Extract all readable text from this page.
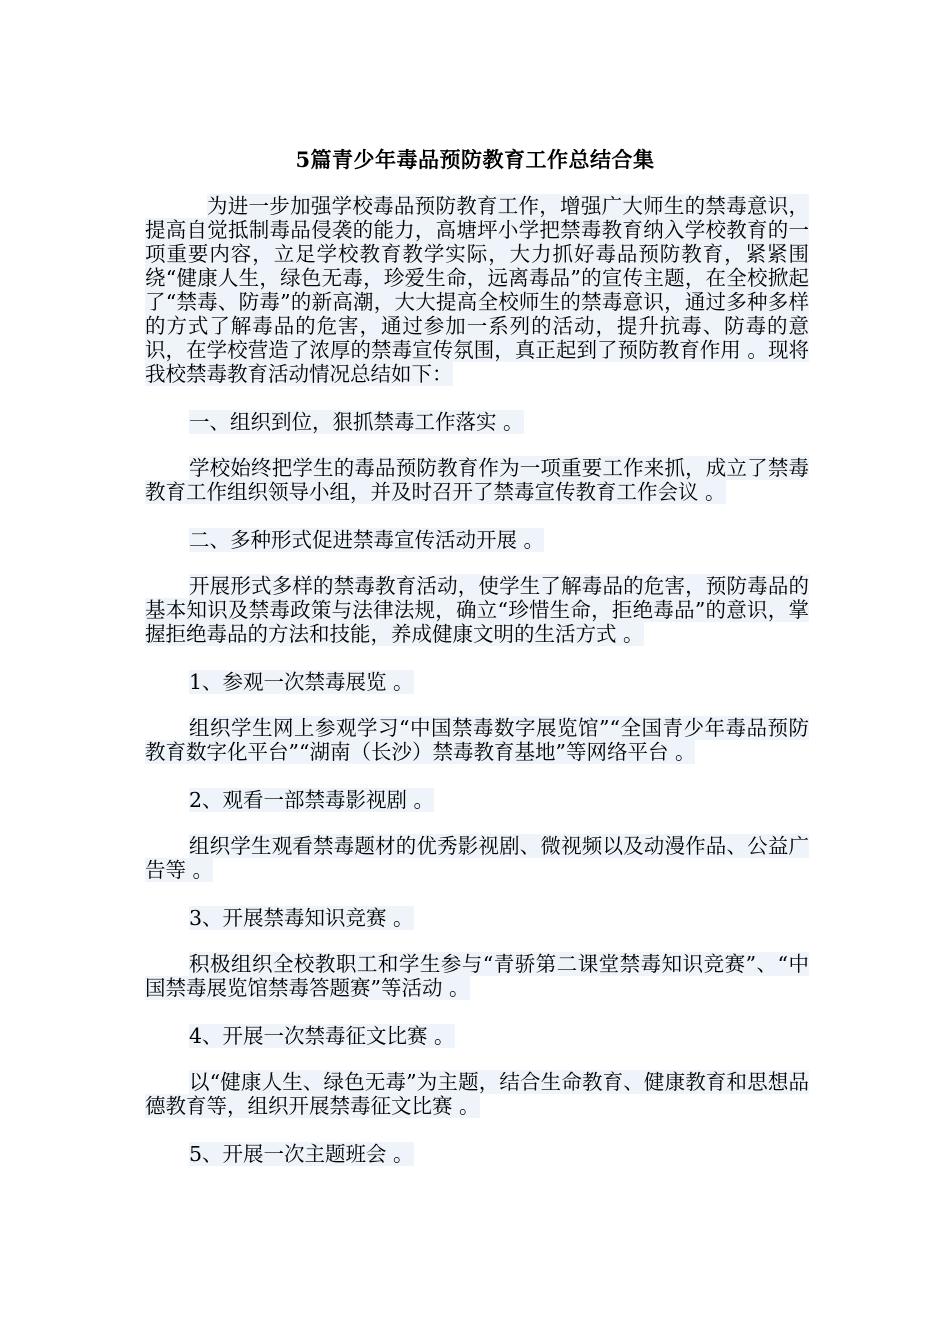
5篇青少年毒品预防教育工作总结合集

为进一步加强学校毒品预防教育工作，增强广大师生的禁毒意识，提高自觉抵制毒品侵袭的能力，高塘坪小学把禁毒教育纳入学校教育的一项重要内容，立足学校教育教学实际，大力抓好毒品预防教育，紧紧围绕“健康人生，绿色无毒，珍爱生命，远离毒品”的宣传主题，在全校掀起了“禁毒、防毒”的新高潮，大大提高全校师生的禁毒意识，通过多种多样的方式了解毒品的危害，通过参加一系列的活动，提升抗毒、防毒的意识，在学校营造了浓厚的禁毒宣传氛围，真正起到了预防教育作用 。现将我校禁毒教育活动情况总结如下：

一、组织到位，狠抓禁毒工作落实 。

学校始终把学生的毒品预防教育作为一项重要工作来抓，成立了禁毒教育工作组织领导小组，并及时召开了禁毒宣传教育工作会议 。

二、多种形式促进禁毒宣传活动开展 。

开展形式多样的禁毒教育活动，使学生了解毒品的危害，预防毒品的基本知识及禁毒政策与法律法规，确立“珍惜生命，拒绝毒品”的意识，掌握拒绝毒品的方法和技能，养成健康文明的生活方式 。

1、参观一次禁毒展览 。

组织学生网上参观学习“中国禁毒数字展览馆”“全国青少年毒品预防教育数字化平台”“湖南（长沙）禁毒教育基地”等网络平台 。

2、观看一部禁毒影视剧 。

组织学生观看禁毒题材的优秀影视剧、微视频以及动漫作品、公益广告等 。

3、开展禁毒知识竞赛 。

积极组织全校教职工和学生参与“青骄第二课堂禁毒知识竞赛”、“中国禁毒展览馆禁毒答题赛”等活动 。

4、开展一次禁毒征文比赛 。

以“健康人生、绿色无毒”为主题，结合生命教育、健康教育和思想品德教育等，组织开展禁毒征文比赛 。

5、开展一次主题班会 。
